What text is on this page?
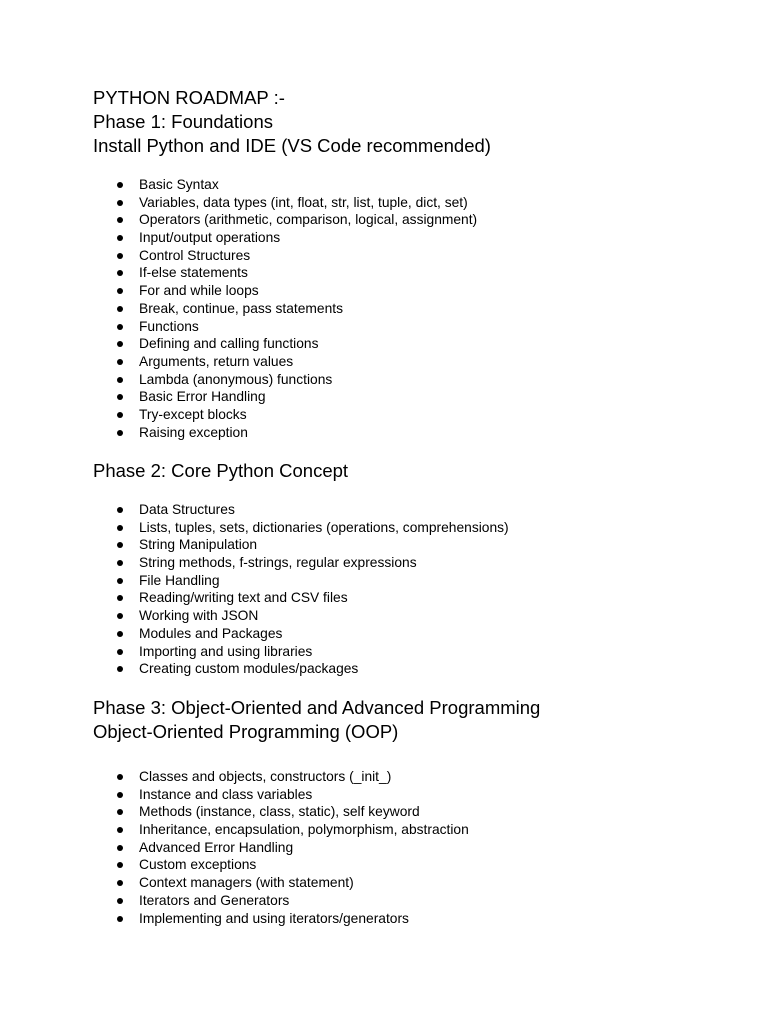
PYTHON ROADMAP :-
Phase 1: Foundations
Install Python and IDE (VS Code recommended)
Basic Syntax
Variables, data types (int, float, str, list, tuple, dict, set)
Operators (arithmetic, comparison, logical, assignment)
Input/output operations
Control Structures
If-else statements
For and while loops
Break, continue, pass statements
Functions
Defining and calling functions
Arguments, return values
Lambda (anonymous) functions
Basic Error Handling
Try-except blocks
Raising exception
Phase 2: Core Python Concept
Data Structures
Lists, tuples, sets, dictionaries (operations, comprehensions)
String Manipulation
String methods, f-strings, regular expressions
File Handling
Reading/writing text and CSV files
Working with JSON
Modules and Packages
Importing and using libraries
Creating custom modules/packages
Phase 3: Object-Oriented and Advanced Programming
Object-Oriented Programming (OOP)
Classes and objects, constructors (_init_)
Instance and class variables
Methods (instance, class, static), self keyword
Inheritance, encapsulation, polymorphism, abstraction
Advanced Error Handling
Custom exceptions
Context managers (with statement)
Iterators and Generators
Implementing and using iterators/generators
